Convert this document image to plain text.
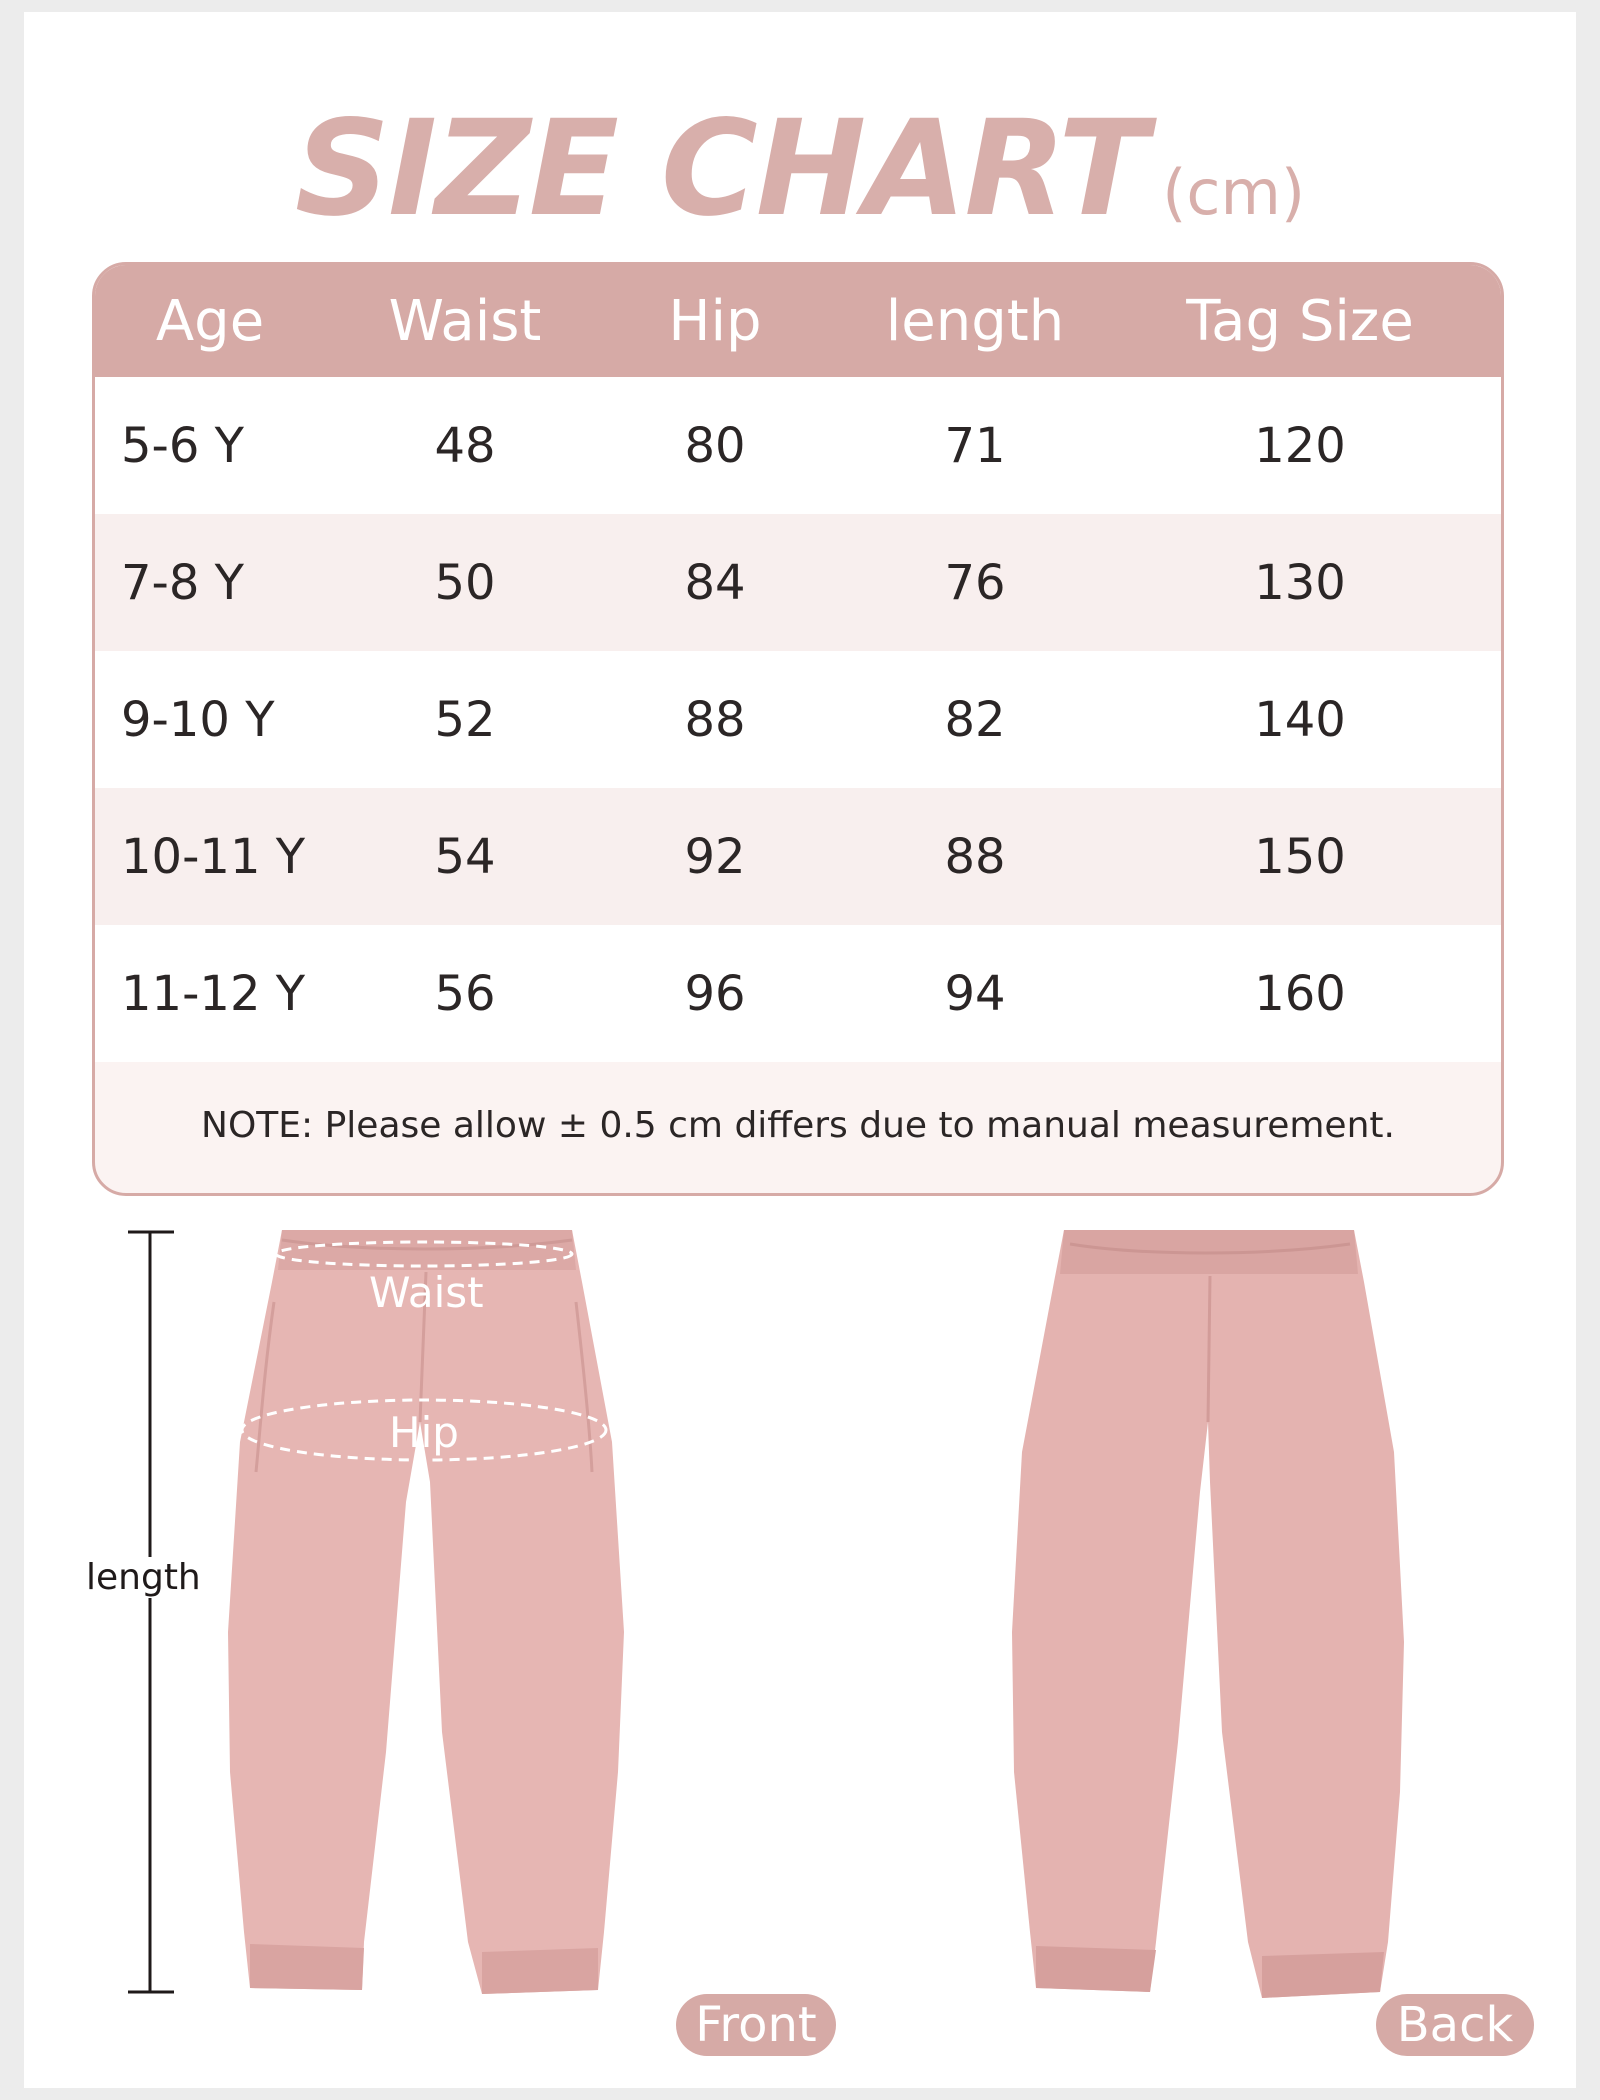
SIZE CHART (cm)
Age	Waist	Hip	length	Tag Size
5-6 Y	48	80	71	120
7-8 Y	50	84	76	130
9-10 Y	52	88	82	140
10-11 Y	54	92	88	150
11-12 Y	56	96	94	160
NOTE: Please allow ± 0.5 cm differs due to manual measurement.
Waist
Hip
length
Front	Back
